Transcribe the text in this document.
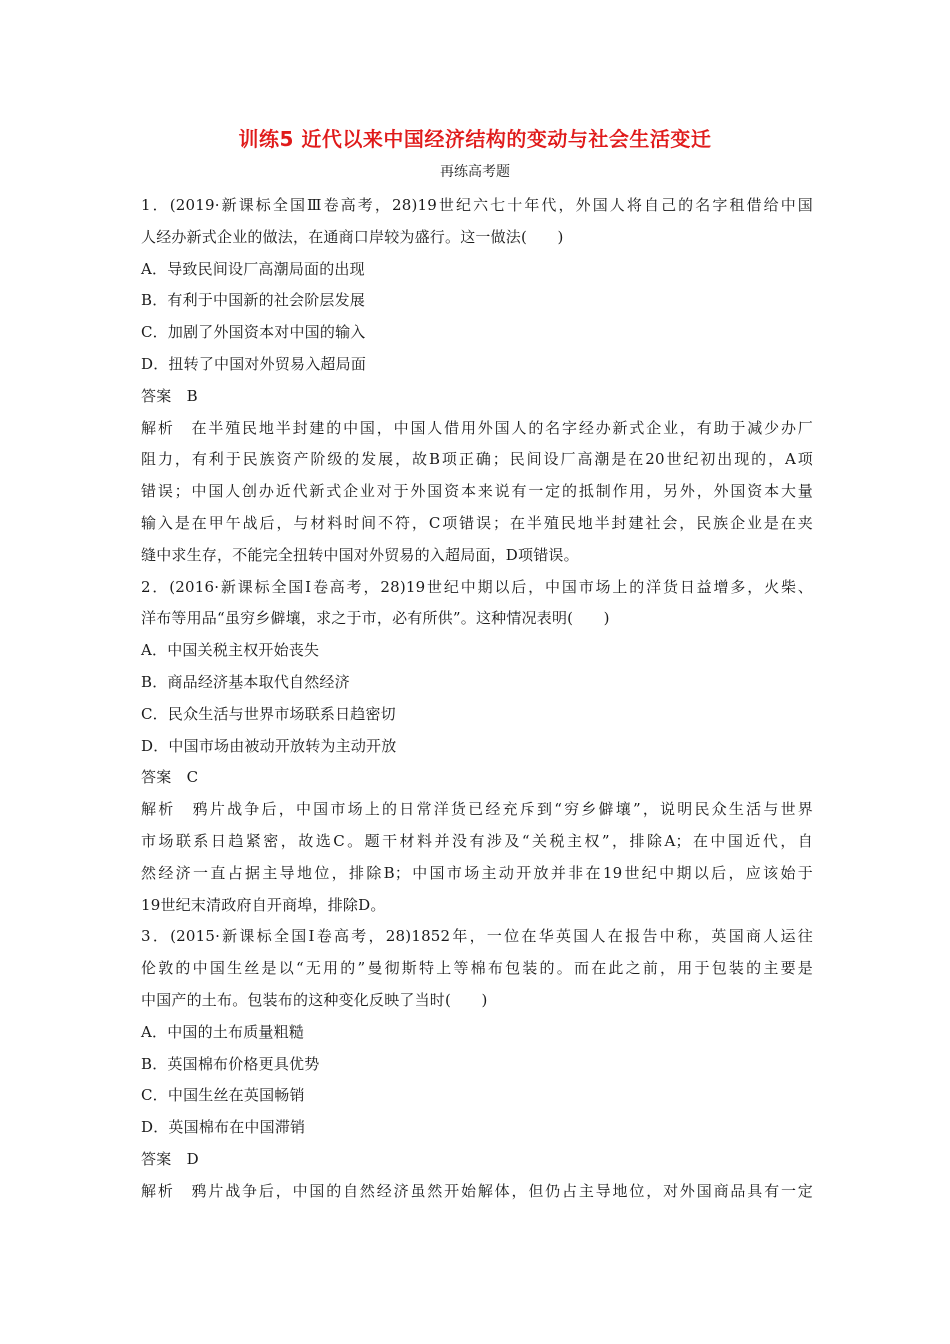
训练5 近代以来中国经济结构的变动与社会生活变迁
再练高考题
1．(2019·新课标全国Ⅲ卷高考，28)19世纪六七十年代，外国人将自己的名字租借给中国
人经办新式企业的做法，在通商口岸较为盛行。这一做法(　　)
A．导致民间设厂高潮局面的出现
B．有利于中国新的社会阶层发展
C．加剧了外国资本对中国的输入
D．扭转了中国对外贸易入超局面
答案　B
解析　在半殖民地半封建的中国，中国人借用外国人的名字经办新式企业，有助于减少办厂
阻力，有利于民族资产阶级的发展，故B项正确；民间设厂高潮是在20世纪初出现的，A项
错误；中国人创办近代新式企业对于外国资本来说有一定的抵制作用，另外，外国资本大量
输入是在甲午战后，与材料时间不符，C项错误；在半殖民地半封建社会，民族企业是在夹
缝中求生存，不能完全扭转中国对外贸易的入超局面，D项错误。
2．(2016·新课标全国Ⅰ卷高考，28)19世纪中期以后，中国市场上的洋货日益增多，火柴、
洋布等用品“虽穷乡僻壤，求之于市，必有所供”。这种情况表明(　　)
A．中国关税主权开始丧失
B．商品经济基本取代自然经济
C．民众生活与世界市场联系日趋密切
D．中国市场由被动开放转为主动开放
答案　C
解析　鸦片战争后，中国市场上的日常洋货已经充斥到“穷乡僻壤”，说明民众生活与世界
市场联系日趋紧密，故选C。题干材料并没有涉及“关税主权”，排除A；在中国近代，自
然经济一直占据主导地位，排除B；中国市场主动开放并非在19世纪中期以后，应该始于
19世纪末清政府自开商埠，排除D。
3．(2015·新课标全国Ⅰ卷高考，28)1852年，一位在华英国人在报告中称，英国商人运往
伦敦的中国生丝是以“无用的”曼彻斯特上等棉布包装的。而在此之前，用于包装的主要是
中国产的土布。包装布的这种变化反映了当时(　　)
A．中国的土布质量粗糙
B．英国棉布价格更具优势
C．中国生丝在英国畅销
D．英国棉布在中国滞销
答案　D
解析　鸦片战争后，中国的自然经济虽然开始解体，但仍占主导地位，对外国商品具有一定
